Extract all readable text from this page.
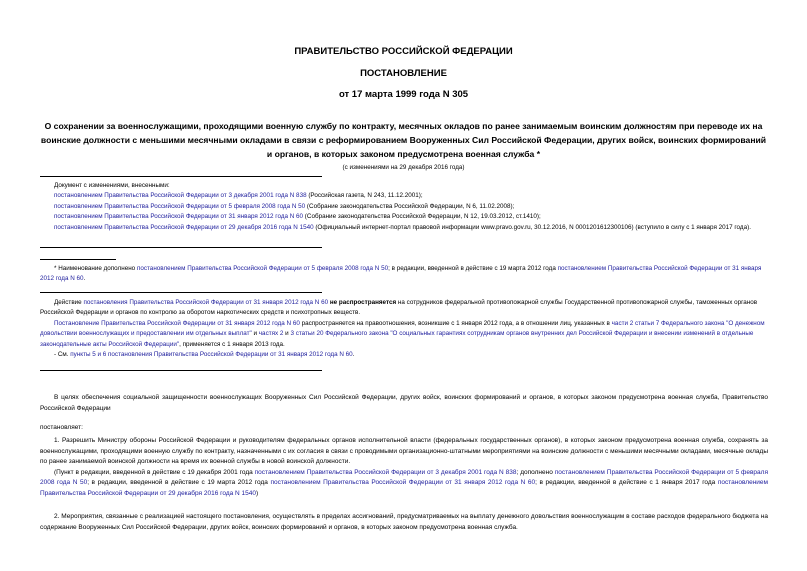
ПРАВИТЕЛЬСТВО РОССИЙСКОЙ ФЕДЕРАЦИИ
ПОСТАНОВЛЕНИЕ
от 17 марта 1999 года N 305
О сохранении за военнослужащими, проходящими военную службу по контракту, месячных окладов по ранее занимаемым воинским должностям при переводе их на воинские должности с меньшими месячными окладами в связи с реформированием Вооруженных Сил Российской Федерации, других войск, воинских формирований и органов, в которых законом предусмотрена военная служба *
(с изменениями на 29 декабря 2016 года)

Документ с изменениями, внесенными:

постановлением Правительства Российской Федерации от 3 декабря 2001 года N 838 (Российская газета, N 243, 11.12.2001);

постановлением Правительства Российской Федерации от 5 февраля 2008 года N 50 (Собрание законодательства Российской Федерации, N 6, 11.02.2008);

постановлением Правительства Российской Федерации от 31 января 2012 года N 60 (Собрание законодательства Российской Федерации, N 12, 19.03.2012, ст.1410);

постановлением Правительства Российской Федерации от 29 декабря 2016 года N 1540 (Официальный интернет-портал правовой информации www.pravo.gov.ru, 30.12.2016, N 0001201612300106) (вступило в силу с 1 января 2017 года).

* Наименование дополнено постановлением Правительства Российской Федерации от 5 февраля 2008 года N 50; в редакции, введенной в действие с 19 марта 2012 года постановлением Правительства Российской Федерации от 31 января 2012 года N 60.

Действие постановления Правительства Российской Федерации от 31 января 2012 года N 60 не распространяется на сотрудников федеральной противопожарной службы Государственной противопожарной службы, таможенных органов Российской Федерации и органов по контролю за оборотом наркотических средств и психотропных веществ.

Постановление Правительства Российской Федерации от 31 января 2012 года N 60 распространяется на правоотношения, возникшие с 1 января 2012 года, а в отношении лиц, указанных в части 2 статьи 7 Федерального закона "О денежном довольствии военнослужащих и предоставлении им отдельных выплат" и частях 2 и 3 статьи 20 Федерального закона "О социальных гарантиях сотрудникам органов внутренних дел Российской Федерации и внесении изменений в отдельные законодательные акты Российской Федерации", применяется с 1 января 2013 года.

- См. пункты 5 и 6 постановления Правительства Российской Федерации от 31 января 2012 года N 60.

В целях обеспечения социальной защищенности военнослужащих Вооруженных Сил Российской Федерации, других войск, воинских формирований и органов, в которых законом предусмотрена военная служба, Правительство Российской Федерации

постановляет:

1. Разрешить Министру обороны Российской Федерации и руководителям федеральных органов исполнительной власти (федеральных государственных органов), в которых законом предусмотрена военная служба, сохранять за военнослужащими, проходящими военную службу по контракту, назначенными с их согласия в связи с проводимыми организационно-штатными мероприятиями на воинские должности с меньшими месячными окладами, месячные оклады по ранее занимаемой воинской должности на время их военной службы в новой воинской должности.

(Пункт в редакции, введенной в действие с 19 декабря 2001 года постановлением Правительства Российской Федерации от 3 декабря 2001 года N 838; дополнено постановлением Правительства Российской Федерации от 5 февраля 2008 года N 50; в редакции, введенной в действие с 19 марта 2012 года постановлением Правительства Российской Федерации от 31 января 2012 года N 60; в редакции, введенной в действие с 1 января 2017 года постановлением Правительства Российской Федерации от 29 декабря 2016 года N 1540)

2. Мероприятия, связанные с реализацией настоящего постановления, осуществлять в пределах ассигнований, предусматриваемых на выплату денежного довольствия военнослужащим в составе расходов федерального бюджета на содержание Вооруженных Сил Российской Федерации, других войск, воинских формирований и органов, в которых законом предусмотрена военная служба.
